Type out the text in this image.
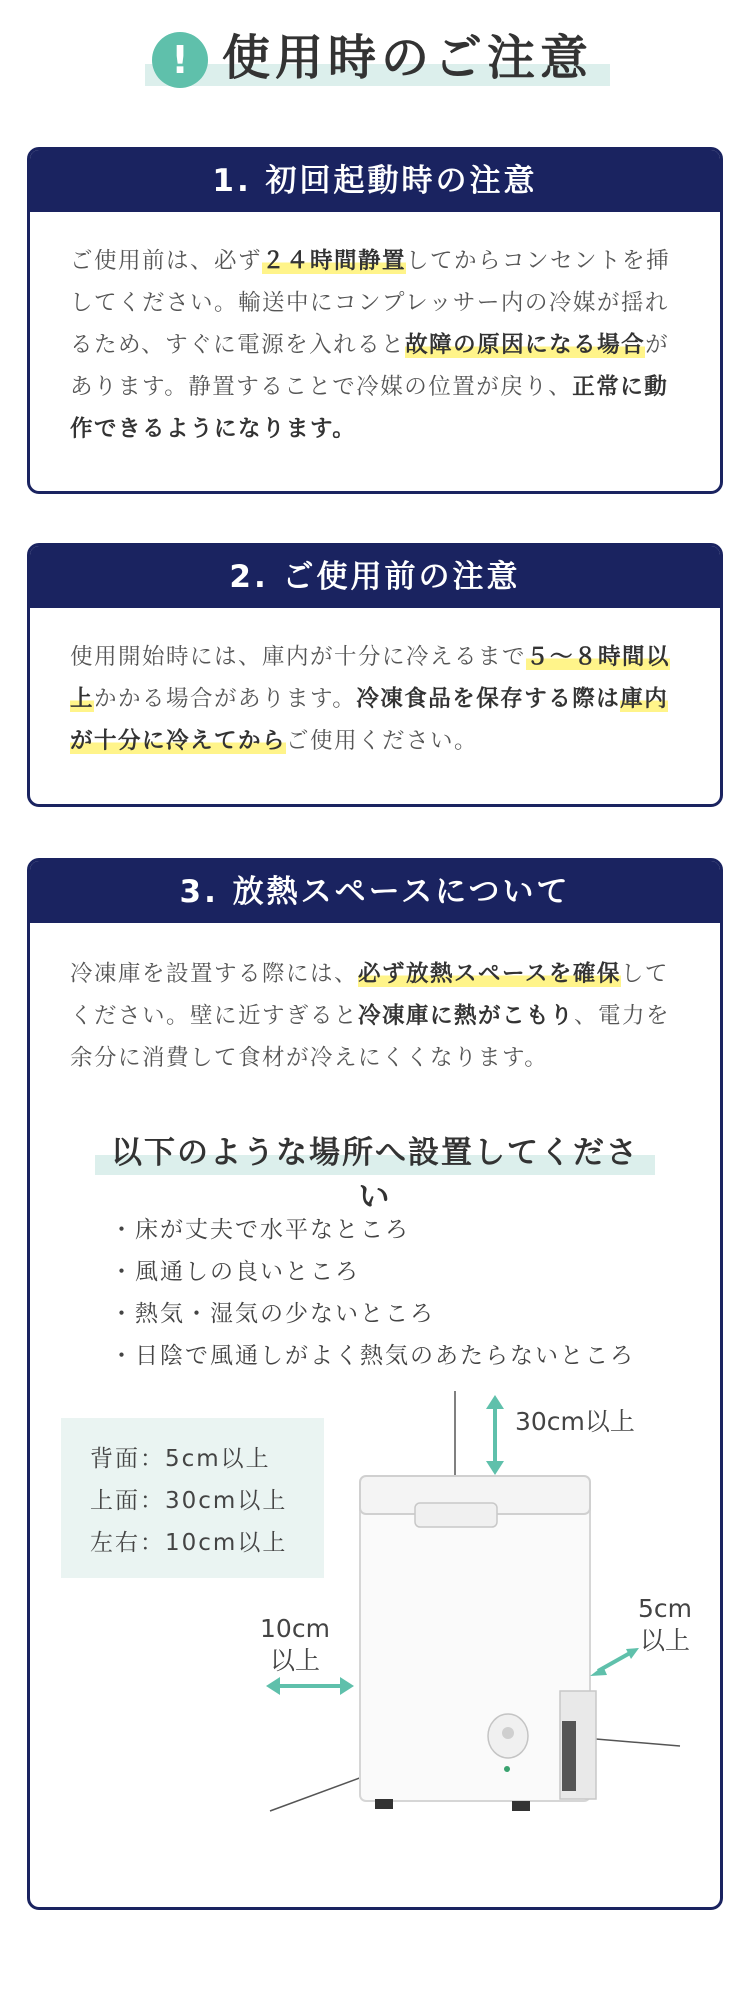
! 使用時のご注意
1. 初回起動時の注意

ご使用前は、必ず２４時間静置してからコンセントを挿してください。輸送中にコンプレッサー内の冷媒が揺れるため、すぐに電源を入れると故障の原因になる場合があります。静置することで冷媒の位置が戻り、正常に動作できるようになります。

2. ご使用前の注意

使用開始時には、庫内が十分に冷えるまで５〜８時間以上かかる場合があります。冷凍食品を保存する際は庫内が十分に冷えてからご使用ください。

3. 放熱スペースについて

冷凍庫を設置する際には、必ず放熱スペースを確保してください。壁に近すぎると冷凍庫に熱がこもり、電力を余分に消費して食材が冷えにくくなります。

以下のような場所へ設置してください
・床が丈夫で水平なところ
・風通しの良いところ
・熱気・湿気の少ないところ
・日陰で風通しがよく熱気のあたらないところ
背面：5cm以上
上面：30cm以上
左右：10cm以上
30cm以上
5cm
以上
10cm
以上
